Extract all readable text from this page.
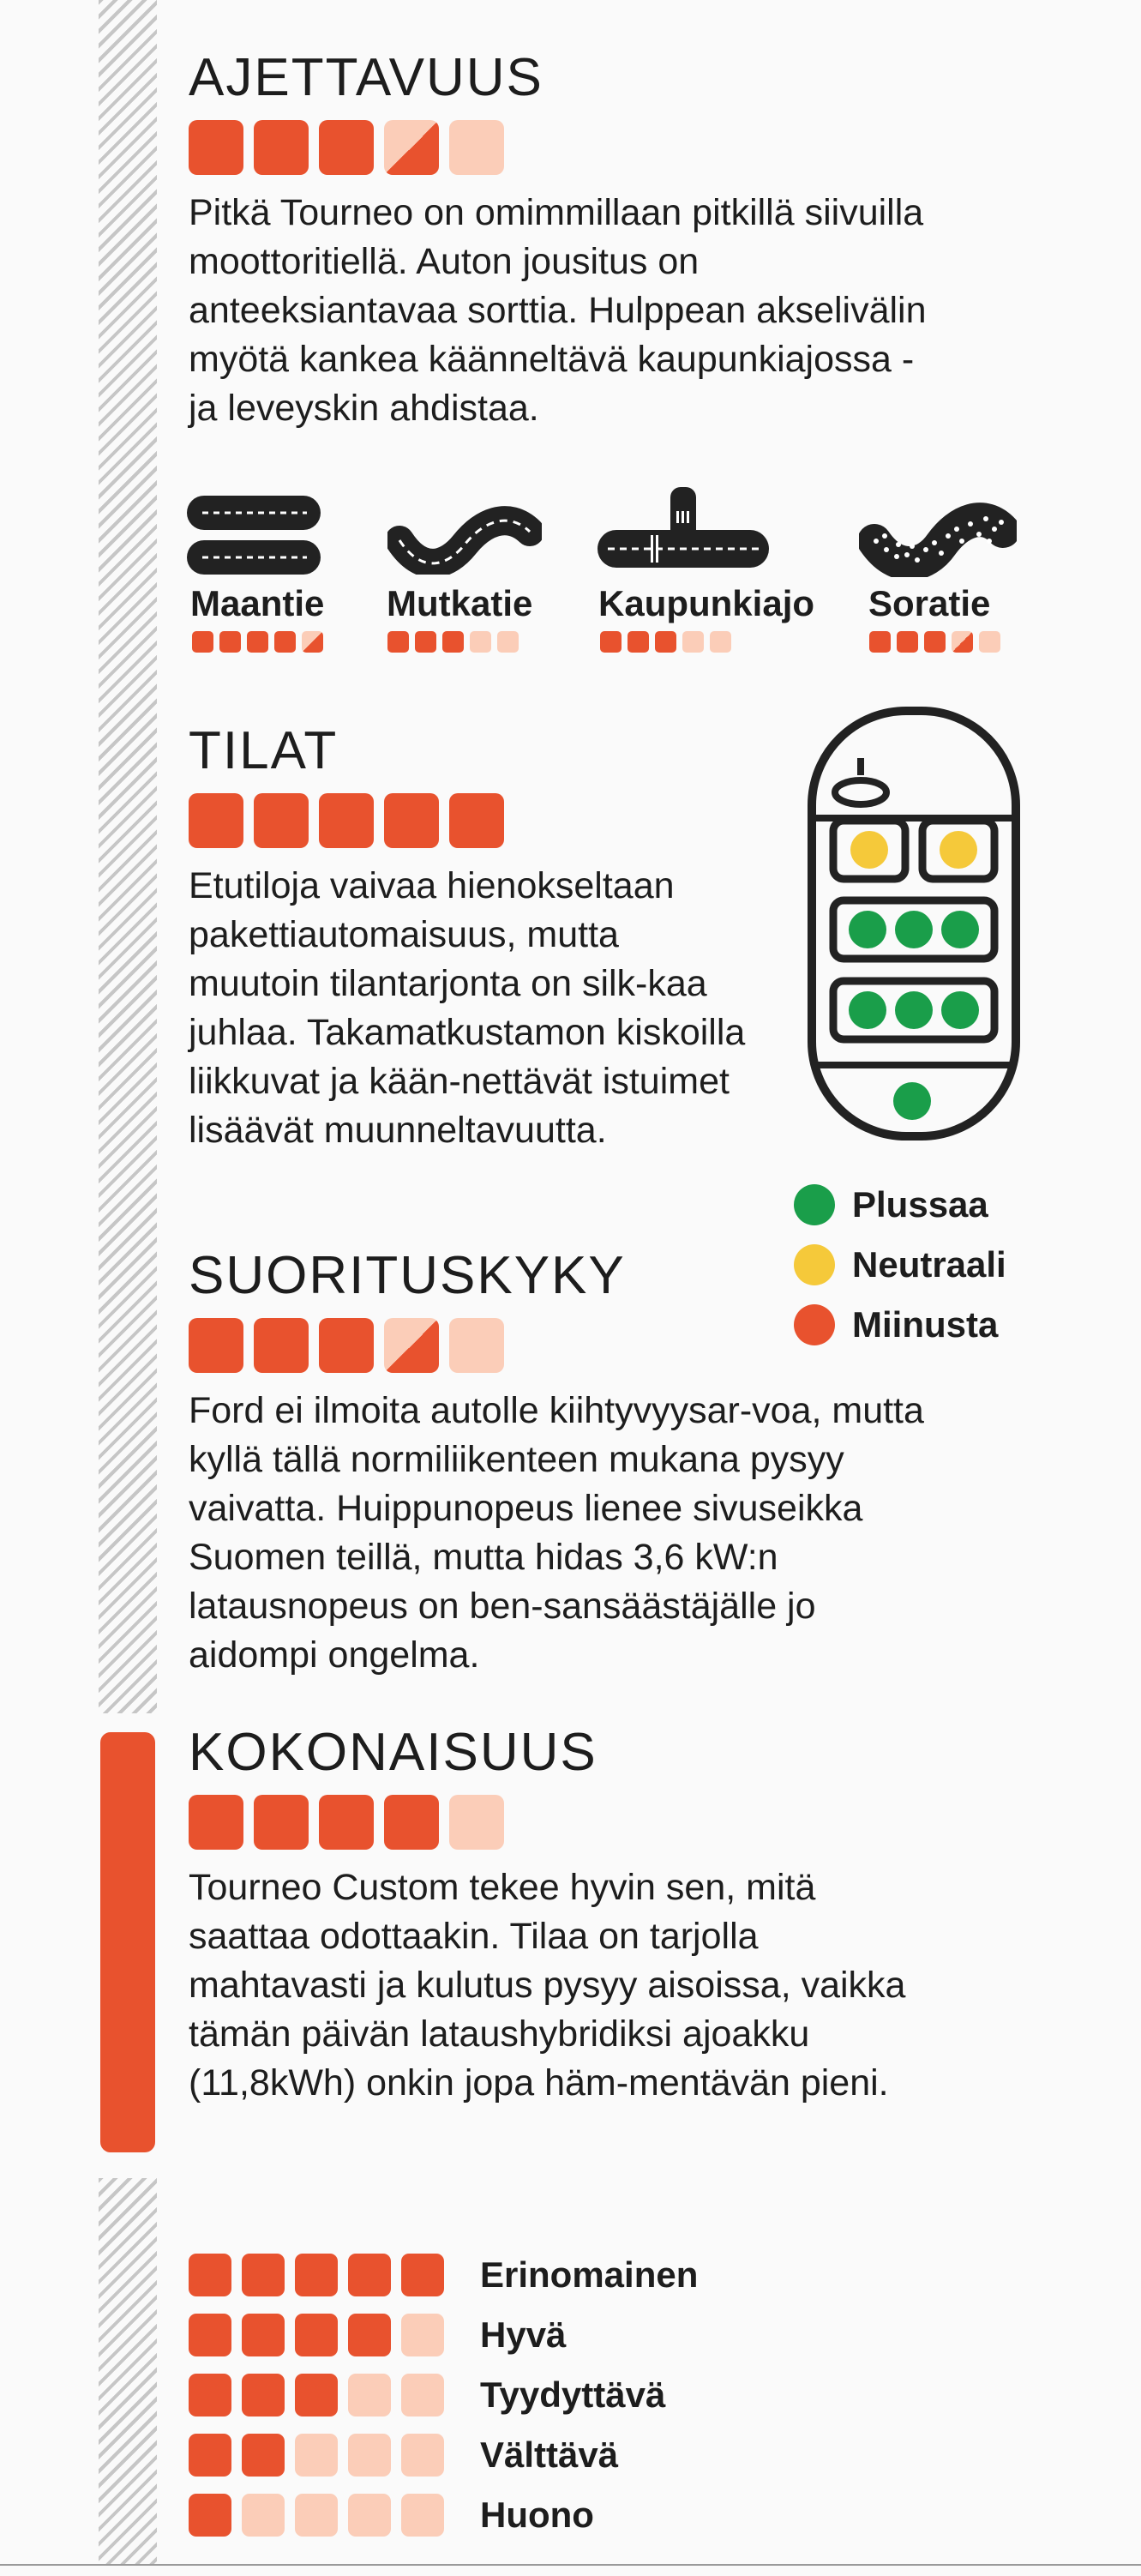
AJETTAVUUS

Pitkä Tourneo on omimmillaan pitkillä siivuilla moottoritiellä. Auton jousitus on anteeksiantavaa sorttia. Hulppean akselivälin myötä kankea käänneltävä kaupunkiajossa - ja leveyskin ahdistaa.

Maantie Mutkatie Kaupunkiajo Soratie
TILAT

Etutiloja vaivaa hienokseltaan pakettiautomaisuus, mutta muutoin tilantarjonta on silk-kaa juhlaa. Takamatkustamon kiskoilla liikkuvat ja kään-nettävät istuimet lisäävät muunneltavuutta.

Plussaa
Neutraali
Miinusta
SUORITUSKYKY

Ford ei ilmoita autolle kiihtyvyysar-voa, mutta kyllä tällä normiliikenteen mukana pysyy vaivatta. Huippunopeus lienee sivuseikka Suomen teillä, mutta hidas 3,6 kW:n latausnopeus on ben-sansäästäjälle jo aidompi ongelma.

KOKONAISUUS

Tourneo Custom tekee hyvin sen, mitä saattaa odottaakin. Tilaa on tarjolla mahtavasti ja kulutus pysyy aisoissa, vaikka tämän päivän lataushybridiksi ajoakku (11,8kWh) onkin jopa häm-mentävän pieni.

Erinomainen
Hyvä
Tyydyttävä
Välttävä
Huono
